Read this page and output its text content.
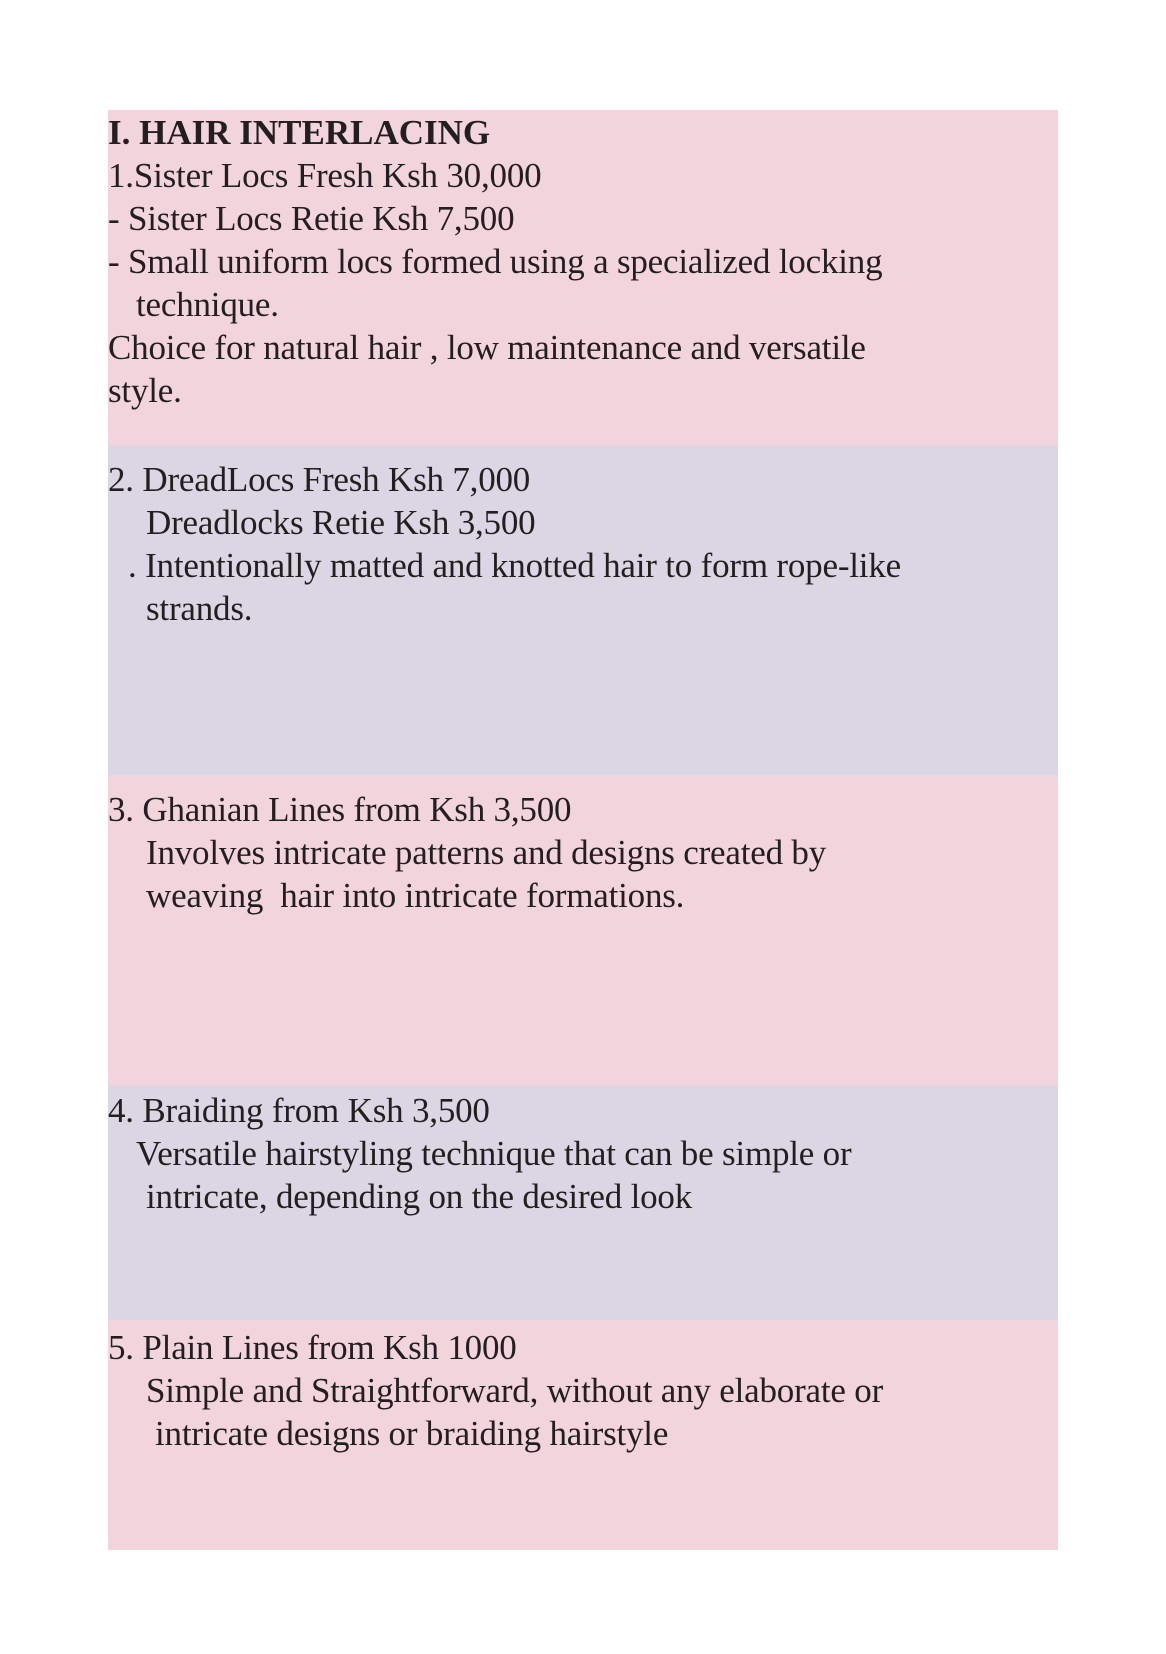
I. HAIR INTERLACING
1.Sister Locs Fresh Ksh 30,000
- Sister Locs Retie Ksh 7,500
- Small uniform locs formed using a specialized locking
technique.
Choice for natural hair , low maintenance and versatile
style.
2. DreadLocs Fresh Ksh 7,000
Dreadlocks Retie Ksh 3,500
. Intentionally matted and knotted hair to form rope-like
strands.
3. Ghanian Lines from Ksh 3,500
Involves intricate patterns and designs created by
weaving  hair into intricate formations.
4. Braiding from Ksh 3,500
Versatile hairstyling technique that can be simple or
intricate, depending on the desired look
5. Plain Lines from Ksh 1000
Simple and Straightforward, without any elaborate or
intricate designs or braiding hairstyle
